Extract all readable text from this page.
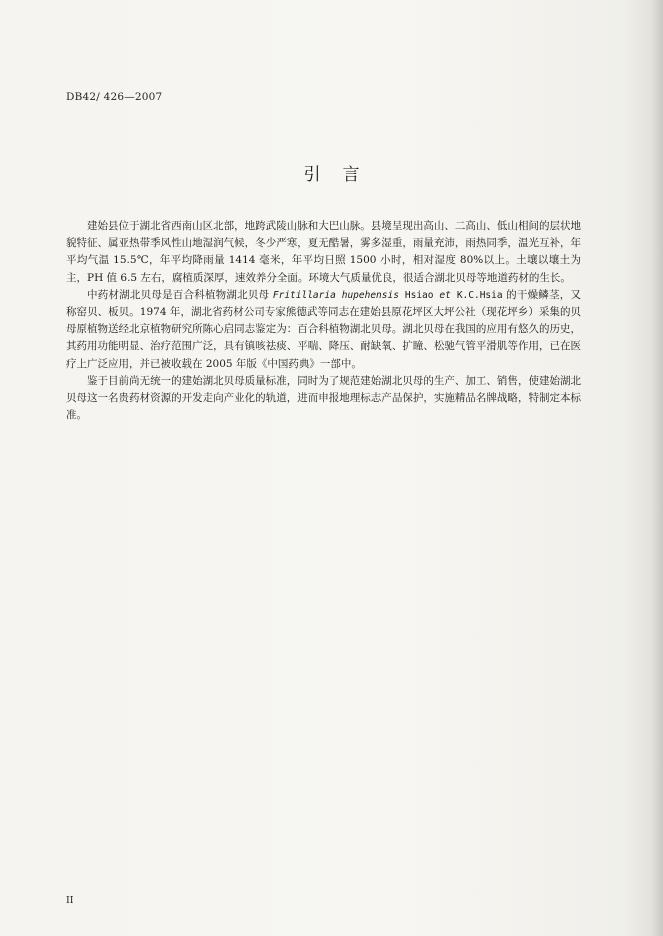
DB42/ 426—2007
引言

建始县位于湖北省西南山区北部，地跨武陵山脉和大巴山脉。县境呈现出高山、二高山、低山相间的层状地貌特征、属亚热带季风性山地湿润气候，冬少严寒，夏无酷暑，雾多湿重，雨量充沛，雨热同季，温光互补，年平均气温 15.5℃，年平均降雨量 1414 毫米，年平均日照 1500 小时，相对湿度 80%以上。土壤以壤土为主，PH 值 6.5 左右，腐植质深厚，速效养分全面。环境大气质量优良，很适合湖北贝母等地道药材的生长。

中药材湖北贝母是百合科植物湖北贝母 Fritillaria hupehensis Hsiao et K.C.Hsia 的干燥鳞茎，又称窑贝、板贝。1974 年，湖北省药材公司专家熊德武等同志在建始县原花坪区大坪公社（现花坪乡）采集的贝母原植物送经北京植物研究所陈心启同志鉴定为：百合科植物湖北贝母。湖北贝母在我国的应用有悠久的历史，其药用功能明显、治疗范围广泛，具有镇咳祛痰、平喘、降压、耐缺氧、扩瞳、松驰气管平滑肌等作用，已在医疗上广泛应用，并已被收载在 2005 年版《中国药典》一部中。

鉴于目前尚无统一的建始湖北贝母质量标准，同时为了规范建始湖北贝母的生产、加工、销售，使建始湖北贝母这一名贵药材资源的开发走向产业化的轨道，进而申报地理标志产品保护，实施精品名牌战略，特制定本标准。

II
